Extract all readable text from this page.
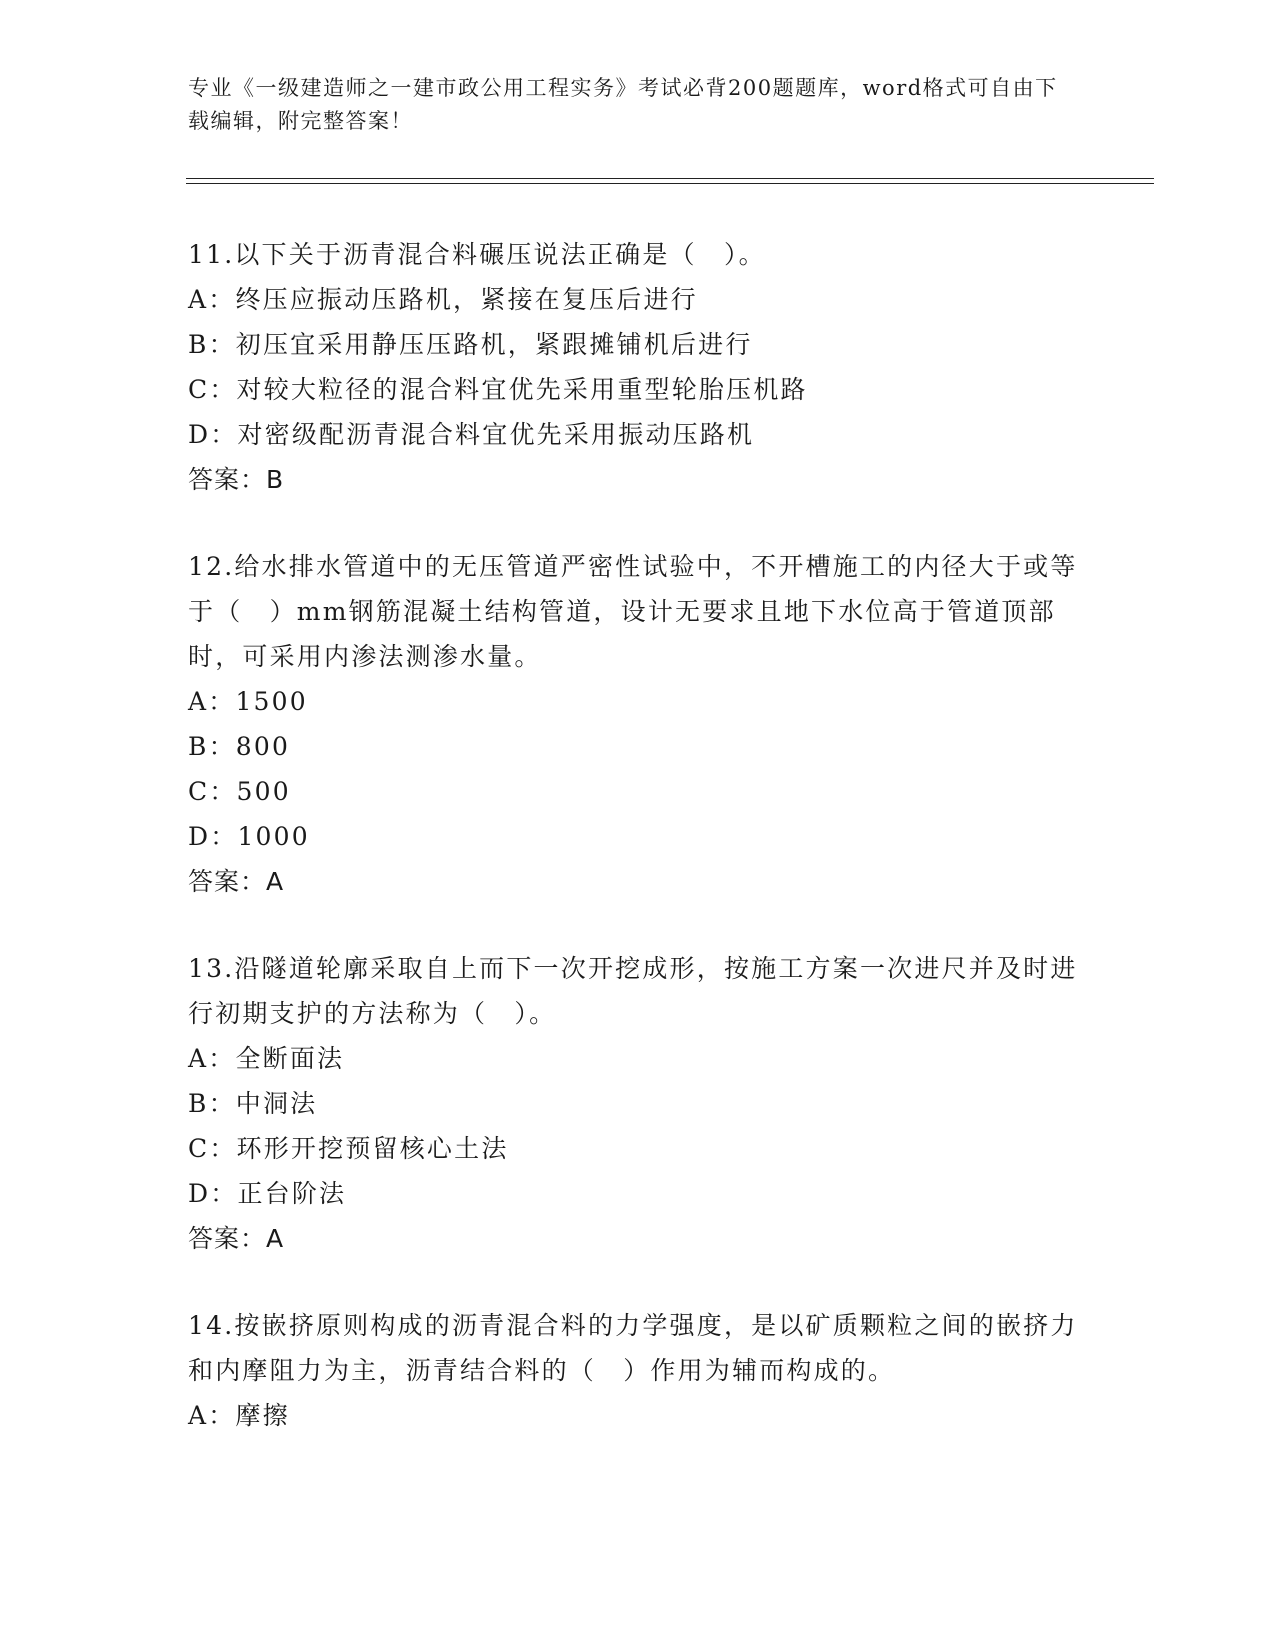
专业《一级建造师之一建市政公用工程实务》考试必背200题题库，word格式可自由下载编辑，附完整答案！
11.以下关于沥青混合料碾压说法正确是（　）。
A：终压应振动压路机，紧接在复压后进行
B：初压宜采用静压压路机，紧跟摊铺机后进行
C：对较大粒径的混合料宜优先采用重型轮胎压机路
D：对密级配沥青混合料宜优先采用振动压路机
答案：B
12.给水排水管道中的无压管道严密性试验中，不开槽施工的内径大于或等于（　）mm钢筋混凝土结构管道，设计无要求且地下水位高于管道顶部时，可采用内渗法测渗水量。
A：1500
B：800
C：500
D：1000
答案：A
13.沿隧道轮廓采取自上而下一次开挖成形，按施工方案一次进尺并及时进行初期支护的方法称为（　）。
A：全断面法
B：中洞法
C：环形开挖预留核心土法
D：正台阶法
答案：A
14.按嵌挤原则构成的沥青混合料的力学强度，是以矿质颗粒之间的嵌挤力和内摩阻力为主，沥青结合料的（　）作用为辅而构成的。
A：摩擦
